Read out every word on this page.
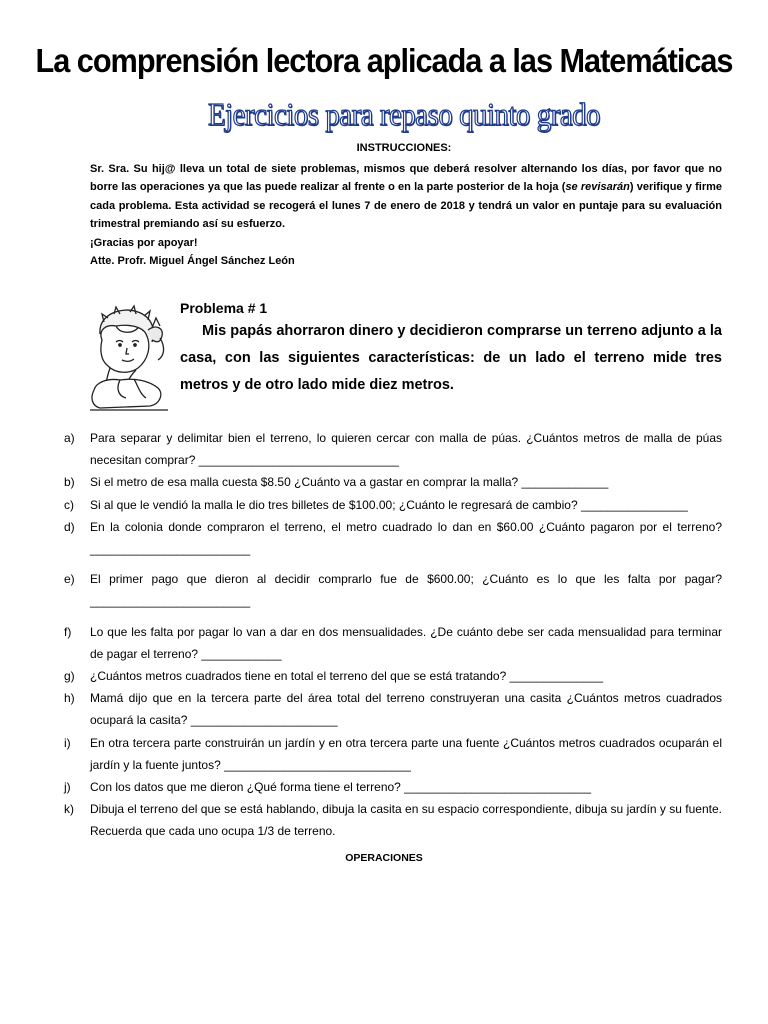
La comprensión lectora aplicada a las Matemáticas
Ejercicios para repaso quinto grado
INSTRUCCIONES:
Sr. Sra. Su hij@ lleva un total de siete problemas, mismos que deberá resolver alternando los días, por favor que no borre las operaciones ya que las puede realizar al frente o en la parte posterior de la hoja (se revisarán) verifique y firme cada problema. Esta actividad se recogerá el lunes 7 de enero de 2018 y tendrá un valor en puntaje para su evaluación trimestral premiando así su esfuerzo.
¡Gracias por apoyar!
Atte. Profr. Miguel Ángel Sánchez León
Problema # 1
Mis papás ahorraron dinero y decidieron comprarse un terreno adjunto a la casa, con las siguientes características: de un lado el terreno mide tres metros y de otro lado mide diez metros.
a)	Para separar y delimitar bien el terreno, lo quieren cercar con malla de púas. ¿Cuántos metros de malla de púas necesitan comprar? ______________________________
b)	Si el metro de esa malla cuesta $8.50 ¿Cuánto va a gastar en comprar la malla? _____________
c)	Si al que le vendió la malla le dio tres billetes de $100.00; ¿Cuánto le regresará de cambio? ________________
d)	En la colonia donde compraron el terreno, el metro cuadrado lo dan en $60.00 ¿Cuánto pagaron por el terreno? ________________________
e)	El primer pago que dieron al decidir comprarlo fue de $600.00; ¿Cuánto es lo que les falta por pagar? ________________________
f)	Lo que les falta por pagar lo van a dar en dos mensualidades. ¿De cuánto debe ser cada mensualidad para terminar de pagar el terreno? ____________
g)	¿Cuántos metros cuadrados tiene en total el terreno del que se está tratando? ______________
h)	Mamá dijo que en la tercera parte del área total del terreno construyeran una casita ¿Cuántos metros cuadrados ocupará la casita? ______________________
i)	En otra tercera parte construirán un jardín y en otra tercera parte una fuente ¿Cuántos metros cuadrados ocuparán el jardín y la fuente juntos? ____________________________
j)	Con los datos que me dieron ¿Qué forma tiene el terreno? ____________________________
k)	Dibuja el terreno del que se está hablando, dibuja la casita en su espacio correspondiente, dibuja su jardín y su fuente. Recuerda que cada uno ocupa 1/3 de terreno.
OPERACIONES
